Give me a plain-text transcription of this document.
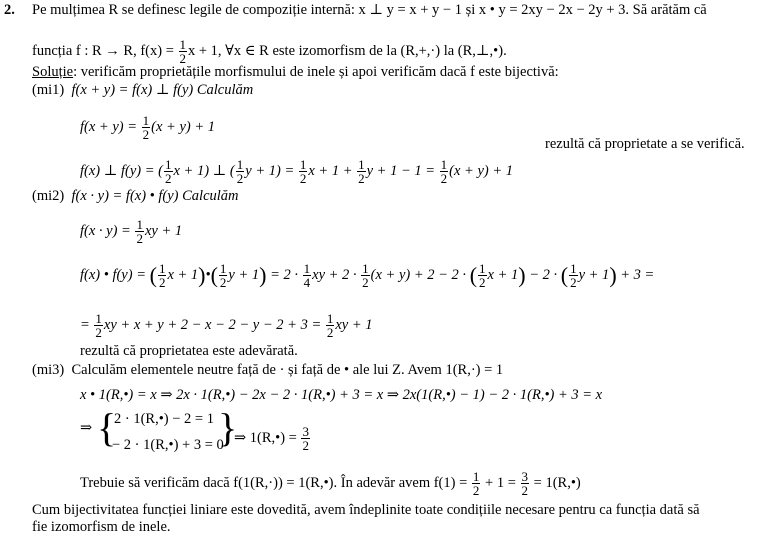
2. Pe mulțimea R se definesc legile de compoziție internă: x ⊥ y = x + y − 1 și x • y = 2xy − 2x − 2y + 3. Să arătăm că
funcția f : R → R, $f(x) = \frac{1}{2}$ x + 1, ∀x ∈ R este izomorfism de la (R,+,·) la (R,⊥,•).
Soluție: verificăm proprietățile morfismului de inele și apoi verificăm dacă f este bijectivă:
(mi1) f(x + y) = f(x) ⊥ f(y) Calculăm
$f(x + y) = \frac{1}{2} (x + y) + 1$
f(x) ⊥ f(y) = ( $\frac{1}{2}$ x + 1) ⊥ ( $\frac{1}{2}$ $y + 1) = \frac{1}{2}$ $x + 1 + \frac{1}{2}$ $y + 1 - 1 = \frac{1}{2} (x + y) + 1$
rezultă că proprietate a se verifică.
(mi2) f(x · y) = f(x) • f(y) Calculăm
$f(x \cdot y) = \frac{1}{2}$ xy + 1
f(x) • f(y) = ( $\frac{1}{2}$ x + 1)•( $\frac{1}{2}$ $y + 1) = 2 \cdot \frac{1}{4}$ xy + $2 \cdot \frac{1}{2} (x + y) + 2 - 2$ · ( $\frac{1}{2}$ x + 1) − 2 · ( $\frac{1}{2}$ y + 1) + 3 =
= $\frac{1}{2}$ xy + $x + y + 2 - x - 2 - y - 2 + 3 = \frac{1}{2}$ xy + 1
rezultă că proprietatea este adevărată.
(mi3) Calculăm elementele neutre față de · și față de • ale lui Z. Avem 1(R,·) = 1
x • 1(R,•) = x ⇒ 2x · 1(R,•) − 2x − 2 · 1(R,•) + 3 = x ⇒ 2x(1(R,•) − 1) − 2 · 1(R,•) + 3 = x
⇒ {
2 · 1(R,•) − 2 = 1
− 2 · 1(R,•) + 3 = 0
}
⇒ 1(R,•) = $\frac{3}{2}$
Trebuie să verificăm dacă f(1(R,·)) = 1(R,•). În adevăr avem $f(1) = \frac{1}{2} + 1 = \frac{3}{2}$ = 1(R,•)
Cum bijectivitatea funcției liniare este dovedită, avem îndeplinite toate condițiile necesare pentru ca funcția dată să
fie izomorfism de inele.
